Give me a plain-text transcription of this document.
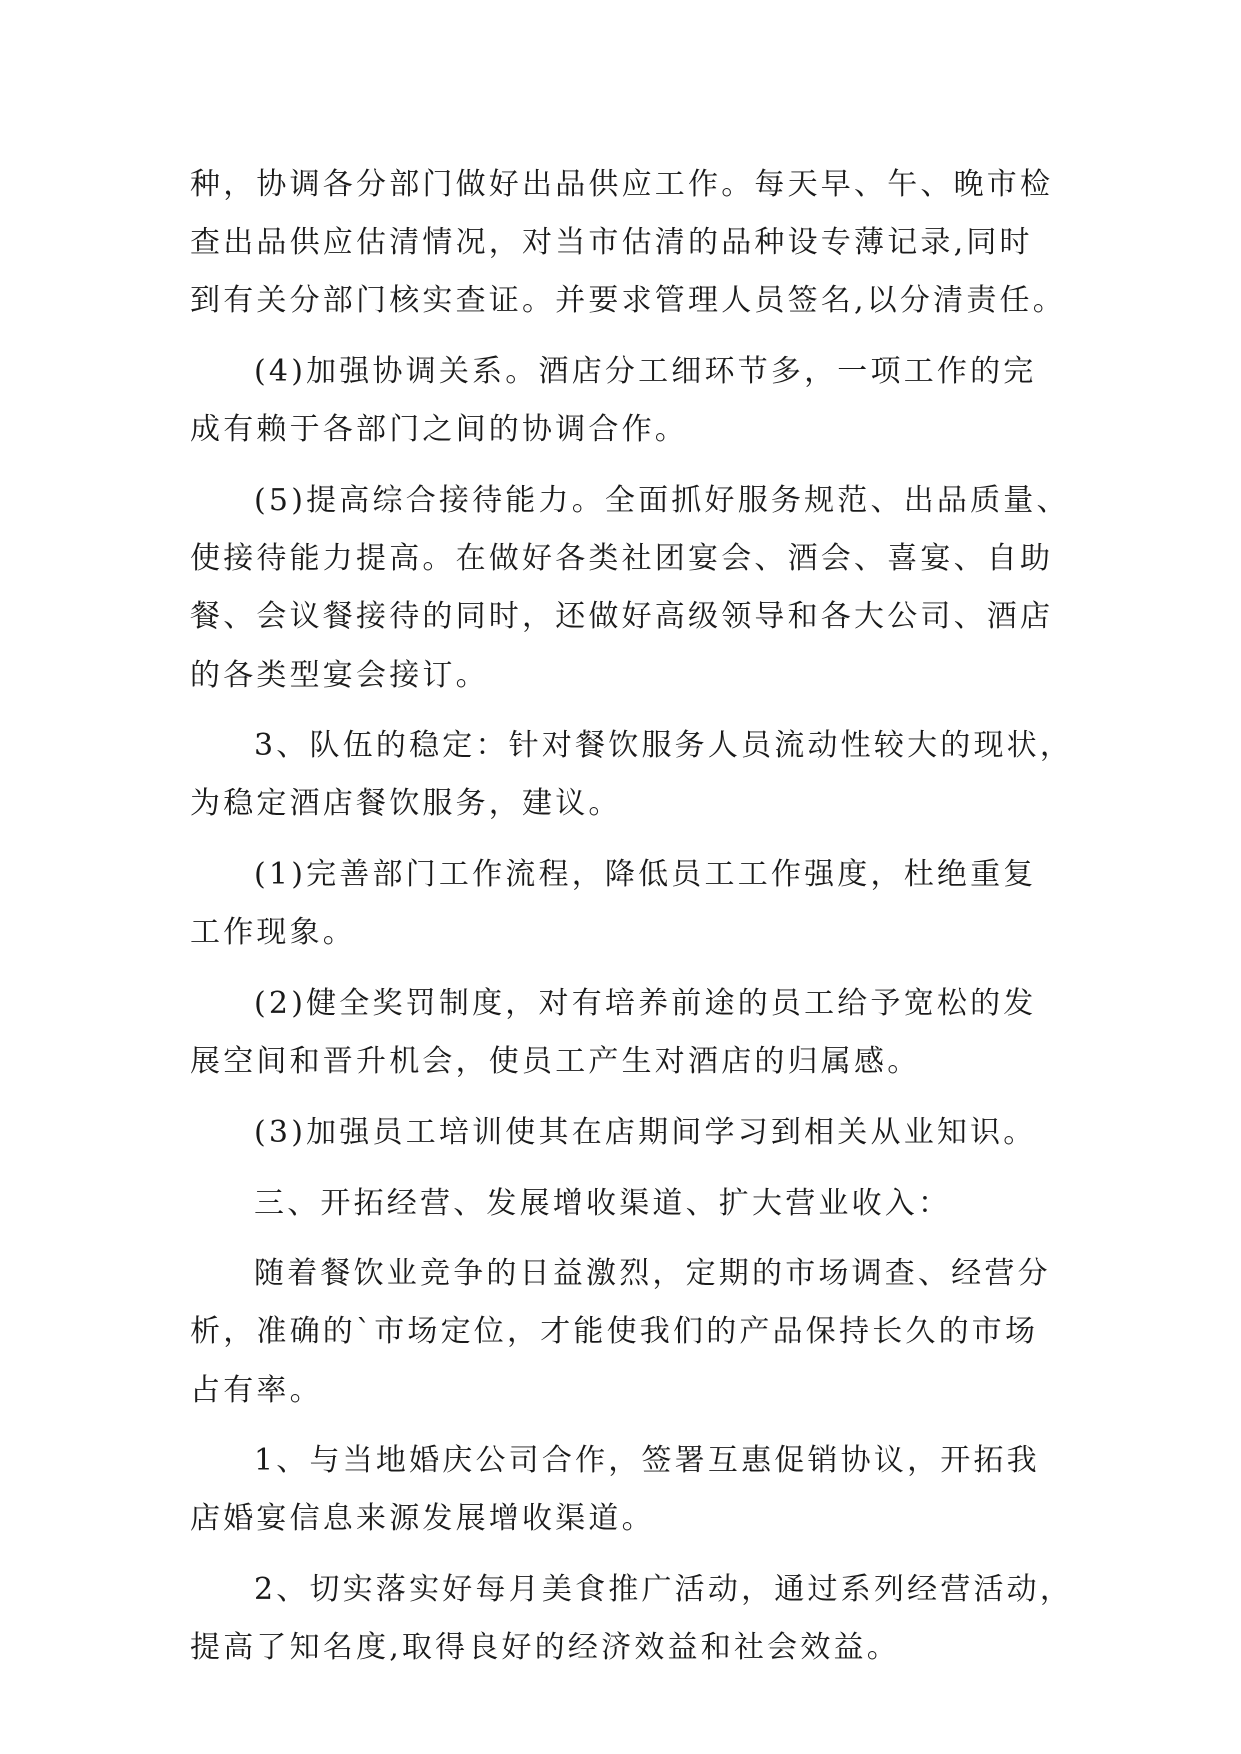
种，协调各分部门做好出品供应工作。每天早、午、晚市检
查出品供应估清情况，对当市估清的品种设专薄记录,同时
到有关分部门核实查证。并要求管理人员签名,以分清责任。
(4)加强协调关系。酒店分工细环节多，一项工作的完
成有赖于各部门之间的协调合作。
(5)提高综合接待能力。全面抓好服务规范、出品质量、
使接待能力提高。在做好各类社团宴会、酒会、喜宴、自助
餐、会议餐接待的同时，还做好高级领导和各大公司、酒店
的各类型宴会接订。
3、队伍的稳定：针对餐饮服务人员流动性较大的现状，
为稳定酒店餐饮服务，建议。
(1)完善部门工作流程，降低员工工作强度，杜绝重复
工作现象。
(2)健全奖罚制度，对有培养前途的员工给予宽松的发
展空间和晋升机会，使员工产生对酒店的归属感。
(3)加强员工培训使其在店期间学习到相关从业知识。
三、开拓经营、发展增收渠道、扩大营业收入：
随着餐饮业竞争的日益激烈，定期的市场调查、经营分
析，准确的`市场定位，才能使我们的产品保持长久的市场
占有率。
1、与当地婚庆公司合作，签署互惠促销协议，开拓我
店婚宴信息来源发展增收渠道。
2、切实落实好每月美食推广活动，通过系列经营活动，
提高了知名度,取得良好的经济效益和社会效益。
